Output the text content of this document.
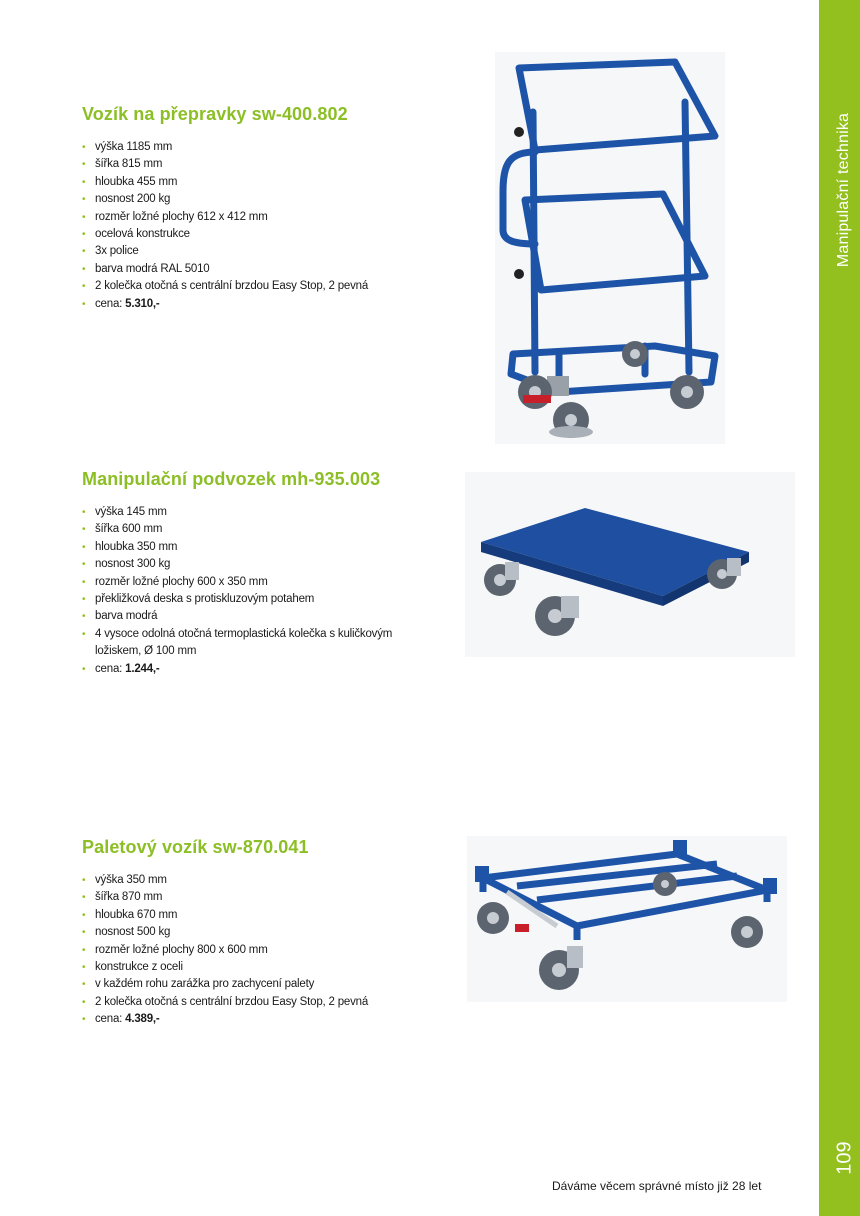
Manipulační technika
109
Vozík na přepravky sw-400.802
• výška 1185 mm
• šířka 815 mm
• hloubka 455 mm
• nosnost 200 kg
• rozměr ložné plochy 612 x 412 mm
• ocelová konstrukce
• 3x police
• barva modrá RAL 5010
• 2 kolečka otočná s centrální brzdou Easy Stop, 2 pevná
• cena: 5.310,-
Manipulační podvozek mh-935.003
• výška 145 mm
• šířka 600 mm
• hloubka 350 mm
• nosnost 300 kg
• rozměr ložné plochy 600 x 350 mm
• překližková deska s protiskluzovým potahem
• barva modrá
• 4 vysoce odolná otočná termoplastická kolečka s kuličkovým ložiskem, Ø 100 mm
• cena: 1.244,-
Paletový vozík sw-870.041
• výška 350 mm
• šířka 870 mm
• hloubka 670 mm
• nosnost 500 kg
• rozměr ložné plochy 800 x 600 mm
• konstrukce z oceli
• v každém rohu zarážka pro zachycení palety
• 2 kolečka otočná s centrální brzdou Easy Stop, 2 pevná
• cena: 4.389,-
Dáváme věcem správné místo již 28 let
